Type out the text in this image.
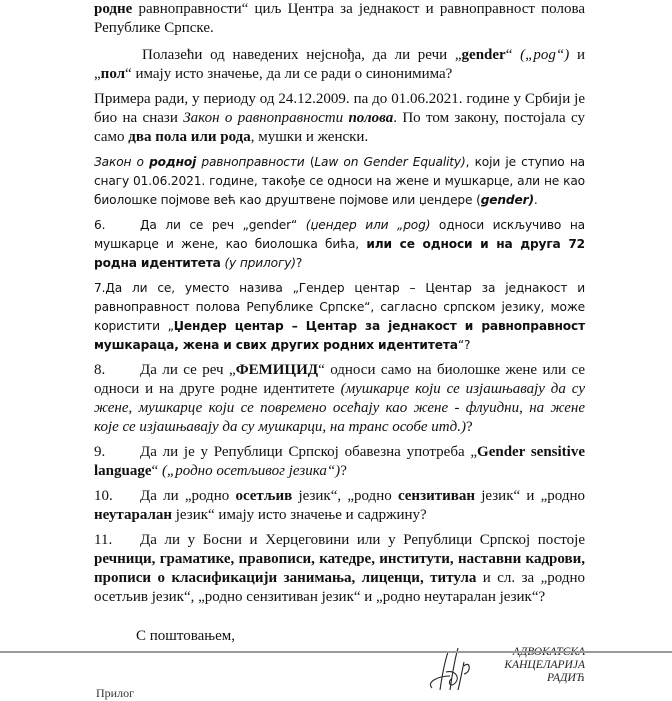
родне равноправности“ циљ Центра за једнакост и равноправност полова Републике Српске.

Полазећи од наведених нејснођа, да ли речи „gender“ („pog“) и „пол“ имају исто значење, да ли се ради о синонимима?

Примера ради, у периоду од 24.12.2009. па до 01.06.2021. године у Србији је био на снази Закон о равноправности полова. По том закону, постојала су само два пола или рода, мушки и женски.

Закон о родној равноправности (Law on Gender Equality), који је ступио на снагу 01.06.2021. године, такође се односи на жене и мушкарце, али не као биолошке појмове већ као друштвене појмове или џендере (gender).

6.	Да ли се реч „gender“ (џендер или „pog) односи искључиво на мушкарце и жене, као биолошка бића, или се односи и на друга 72 родна идентитета (у прилогу)?

7.Да ли се, уместо назива „Гендер центар – Центар за једнакост и равноправност полова Републике Српске“, сагласно српском језику, може користити „Џендер центар – Центар за једнакост и равноправност мушкараца, жена и свих других родних идентитета“?

8. Да ли се реч „ФЕМИЦИД“ односи само на биолошке жене или се односи и на друге родне идентитете (мушкарце који се изјашњавају да су жене, мушкарце који се повремено осећају као жене - флуидни, на жене које се изјашњавају да су мушкарци, на транс особе итд.)?

9. Да ли је у Републици Српској обавезна употреба „Gender sensitive language“ („родно осетљивог језика“)?

10. Да ли „родно осетљив језик“, „родно сензитиван језик“ и „родно неутаралан језик“ имају исто значење и садржину?

11. Да ли у Босни и Херцеговини или у Републици Српској постоје речници, граматике, правописи, катедре, институти, наставни кадрови, прописи о класификацији занимања, лиценци, титула и сл. за „родно осетљив језик“, „родно сензитиван језик“ и „родно неутаралан језик“?

С поштовањем,
КАНЦЕЛАРИЈА
РАДИЋ
Прилог
